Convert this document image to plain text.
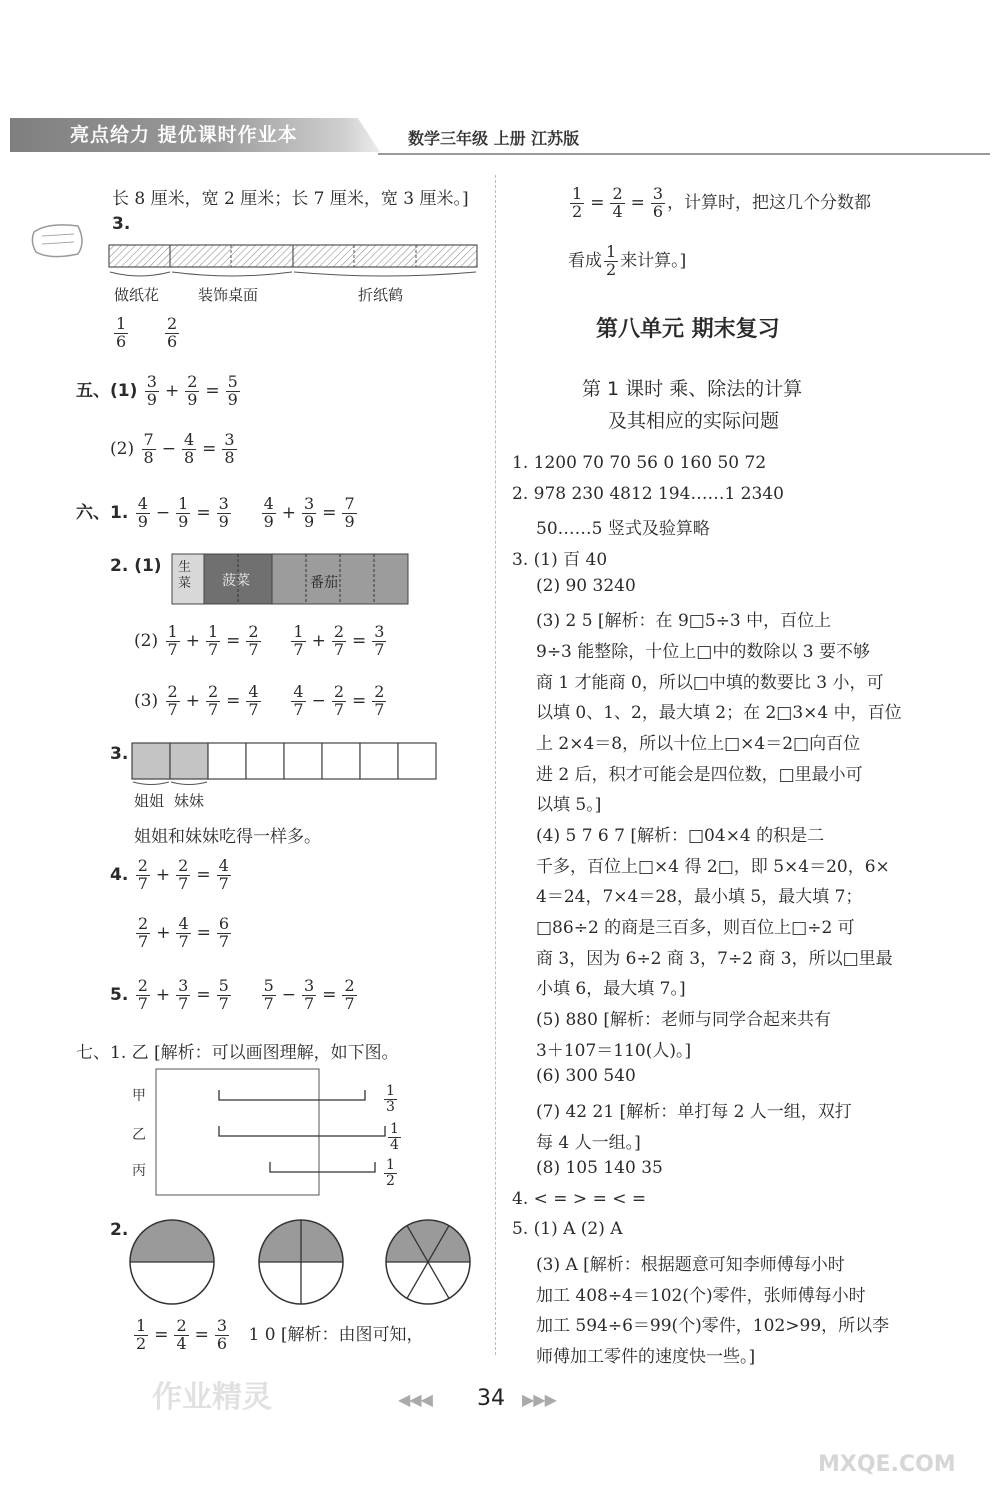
亮点给力 提优课时作业本	数学三年级 上册 江苏版
长 8 厘米，宽 2 厘米；长 7 厘米，宽 3 厘米。]
3.
做纸花	装饰桌面	折纸鹤
$\frac{1}{6}$
$\frac{2}{6}$
五、$(1) \frac{3}{9} + \frac{2}{9} = \frac{5}{9}$
$(2) \frac{7}{8} - \frac{4}{8} = \frac{3}{8}$
六、1. $\frac{4}{9} - \frac{1}{9} = \frac{3}{9}$
$\frac{4}{9} + \frac{3}{9} = \frac{7}{9}$
2. (1) 生菜 菠菜	番茄
$(2) \frac{1}{7} + \frac{1}{7} = \frac{2}{7}$
$\frac{1}{7} + \frac{2}{7} = \frac{3}{7}$
$(3) \frac{2}{7} + \frac{2}{7} = \frac{4}{7}$
$\frac{4}{7} - \frac{2}{7} = \frac{2}{7}$
3.
姐姐 妹妹
姐姐和妹妹吃得一样多。
4. $\frac{2}{7} + \frac{2}{7} = \frac{4}{7}$
$\frac{2}{7} + \frac{4}{7} = \frac{6}{7}$
5. $\frac{2}{7} + \frac{3}{7} = \frac{5}{7}$
$\frac{5}{7} - \frac{3}{7} = \frac{2}{7}$
七、1. 乙 [解析：可以画图理解，如下图。
甲
乙
丙
$\frac{1}{3}$
$\frac{1}{4}$
$\frac{1}{2}$
2.
$\frac{1}{2} = \frac{2}{4} = \frac{3}{6} 1$ 0 [解析：由图可知，
$\frac{1}{2} = \frac{2}{4} = \frac{3}{6}$ ，计算时，把这几个分数都
看成 $\frac{1}{2}$ 来计算。]
第八单元 期末复习
第 1 课时 乘、除法的计算
及其相应的实际问题
1. 1200 70 70 56 0 160 50 72
2. 978 230 4812 194……1 2340
50……5 竖式及验算略
3. (1) 百 40
(2) 90 3240
(3) 2 5 [解析：在 9□5÷3 中，百位上
9÷3 能整除，十位上□中的数除以 3 要不够
商 1 才能商 0，所以□中填的数要比 3 小，可
以填 0、1、2，最大填 2；在 2□3×4 中，百位
上 2×4＝8，所以十位上□×4＝2□向百位
进 2 后，积才可能会是四位数，□里最小可
以填 5。]
(4) 5 7 6 7 [解析：□04×4 的积是二
千多，百位上□×4 得 2□，即 5×4＝20，6×
4＝24，7×4＝28，最小填 5，最大填 7；
□86÷2 的商是三百多，则百位上□÷2 可
商 3，因为 6÷2 商 3，7÷2 商 3，所以□里最
小填 6，最大填 7。]
(5) 880 [解析：老师与同学合起来共有
3＋107＝110(人)。]
(6) 300 540
(7) 42 21 [解析：单打每 2 人一组，双打
每 4 人一组。]
(8) 105 140 35
4. < = > = < =
5. (1) A (2) A
(3) A [解析：根据题意可知李师傅每小时
加工 408÷4＝102(个)零件，张师傅每小时
加工 594÷6＝99(个)零件，102>99，所以李
师傅加工零件的速度快一些。]
◀◀◀ 34 ▶▶▶
作业精灵
MXQE.COM
